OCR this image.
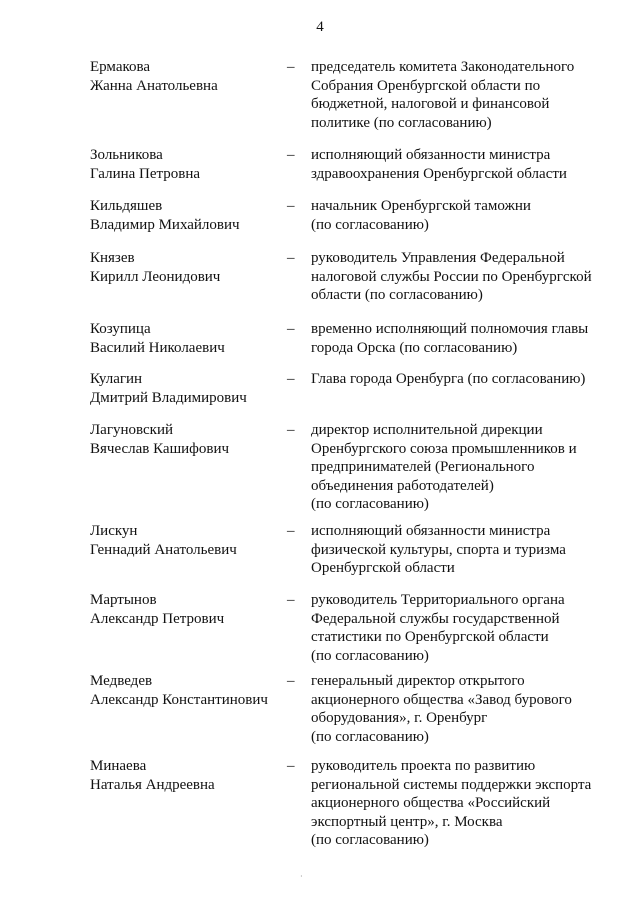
4
Ермакова
Жанна Анатольевна
–	председатель комитета Законодательного
Собрания Оренбургской области по
бюджетной, налоговой и финансовой
политике (по согласованию)
Зольникова
Галина Петровна
–	исполняющий обязанности министра
здравоохранения Оренбургской области
Кильдяшев
Владимир Михайлович
–	начальник Оренбургской таможни
(по согласованию)
Князев
Кирилл Леонидович
–	руководитель Управления Федеральной
налоговой службы России по Оренбургской
области (по согласованию)
Козупица
Василий Николаевич
–	временно исполняющий полномочия главы
города Орска (по согласованию)
Кулагин
Дмитрий Владимирович
–	Глава города Оренбурга (по согласованию)
Лагуновский
Вячеслав Кашифович
–	директор исполнительной дирекции
Оренбургского союза промышленников и
предпринимателей (Регионального
объединения работодателей)
(по согласованию)
Лискун
Геннадий Анатольевич
–	исполняющий обязанности министра
физической культуры, спорта и туризма
Оренбургской области
Мартынов
Александр Петрович
–	руководитель Территориального органа
Федеральной службы государственной
статистики по Оренбургской области
(по согласованию)
Медведев
Александр Константинович
–	генеральный директор открытого
акционерного общества «Завод бурового
оборудования», г. Оренбург
(по согласованию)
Минаева
Наталья Андреевна
–	руководитель проекта по развитию
региональной системы поддержки экспорта
акционерного общества «Российский
экспортный центр», г. Москва
(по согласованию)
·
